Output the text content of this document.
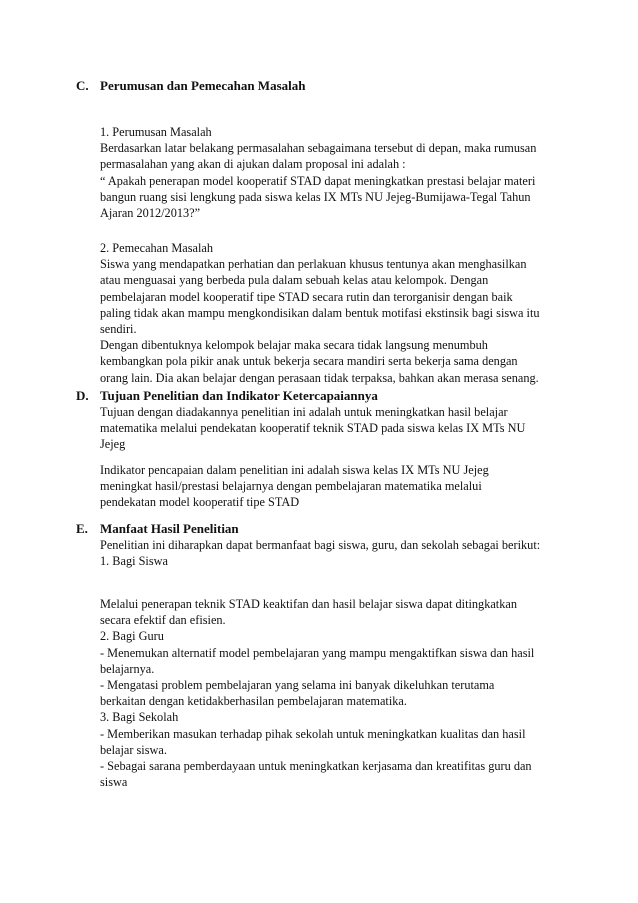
C. Perumusan dan Pemecahan Masalah
1. Perumusan Masalah
Berdasarkan latar belakang permasalahan sebagaimana tersebut di depan, maka rumusan
permasalahan yang akan di ajukan dalam proposal ini adalah :
“ Apakah penerapan model kooperatif STAD dapat meningkatkan prestasi belajar materi
bangun ruang sisi lengkung pada siswa kelas IX MTs NU Jejeg-Bumijawa-Tegal Tahun
Ajaran 2012/2013?”
2. Pemecahan Masalah
Siswa yang mendapatkan perhatian dan perlakuan khusus tentunya akan menghasilkan
atau menguasai yang berbeda pula dalam sebuah kelas atau kelompok. Dengan
pembelajaran model kooperatif tipe STAD secara rutin dan terorganisir dengan baik
paling tidak akan mampu mengkondisikan dalam bentuk motifasi ekstinsik bagi siswa itu
sendiri.
Dengan dibentuknya kelompok belajar maka secara tidak langsung menumbuh
kembangkan pola pikir anak untuk bekerja secara mandiri serta bekerja sama dengan
orang lain. Dia akan belajar dengan perasaan tidak terpaksa, bahkan akan merasa senang.
D. Tujuan Penelitian dan Indikator Ketercapaiannya
Tujuan dengan diadakannya penelitian ini adalah untuk meningkatkan hasil belajar
matematika melalui pendekatan kooperatif teknik STAD pada siswa kelas IX MTs NU
Jejeg
Indikator pencapaian dalam penelitian ini adalah siswa kelas IX MTs NU Jejeg
meningkat hasil/prestasi belajarnya dengan pembelajaran matematika melalui
pendekatan model kooperatif tipe STAD
E. Manfaat Hasil Penelitian
Penelitian ini diharapkan dapat bermanfaat bagi siswa, guru, dan sekolah sebagai berikut:
1. Bagi Siswa
Melalui penerapan teknik STAD keaktifan dan hasil belajar siswa dapat ditingkatkan
secara efektif dan efisien.
2. Bagi Guru
- Menemukan alternatif model pembelajaran yang mampu mengaktifkan siswa dan hasil
belajarnya.
- Mengatasi problem pembelajaran yang selama ini banyak dikeluhkan terutama
berkaitan dengan ketidakberhasilan pembelajaran matematika.
3. Bagi Sekolah
- Memberikan masukan terhadap pihak sekolah untuk meningkatkan kualitas dan hasil
belajar siswa.
- Sebagai sarana pemberdayaan untuk meningkatkan kerjasama dan kreatifitas guru dan
siswa
